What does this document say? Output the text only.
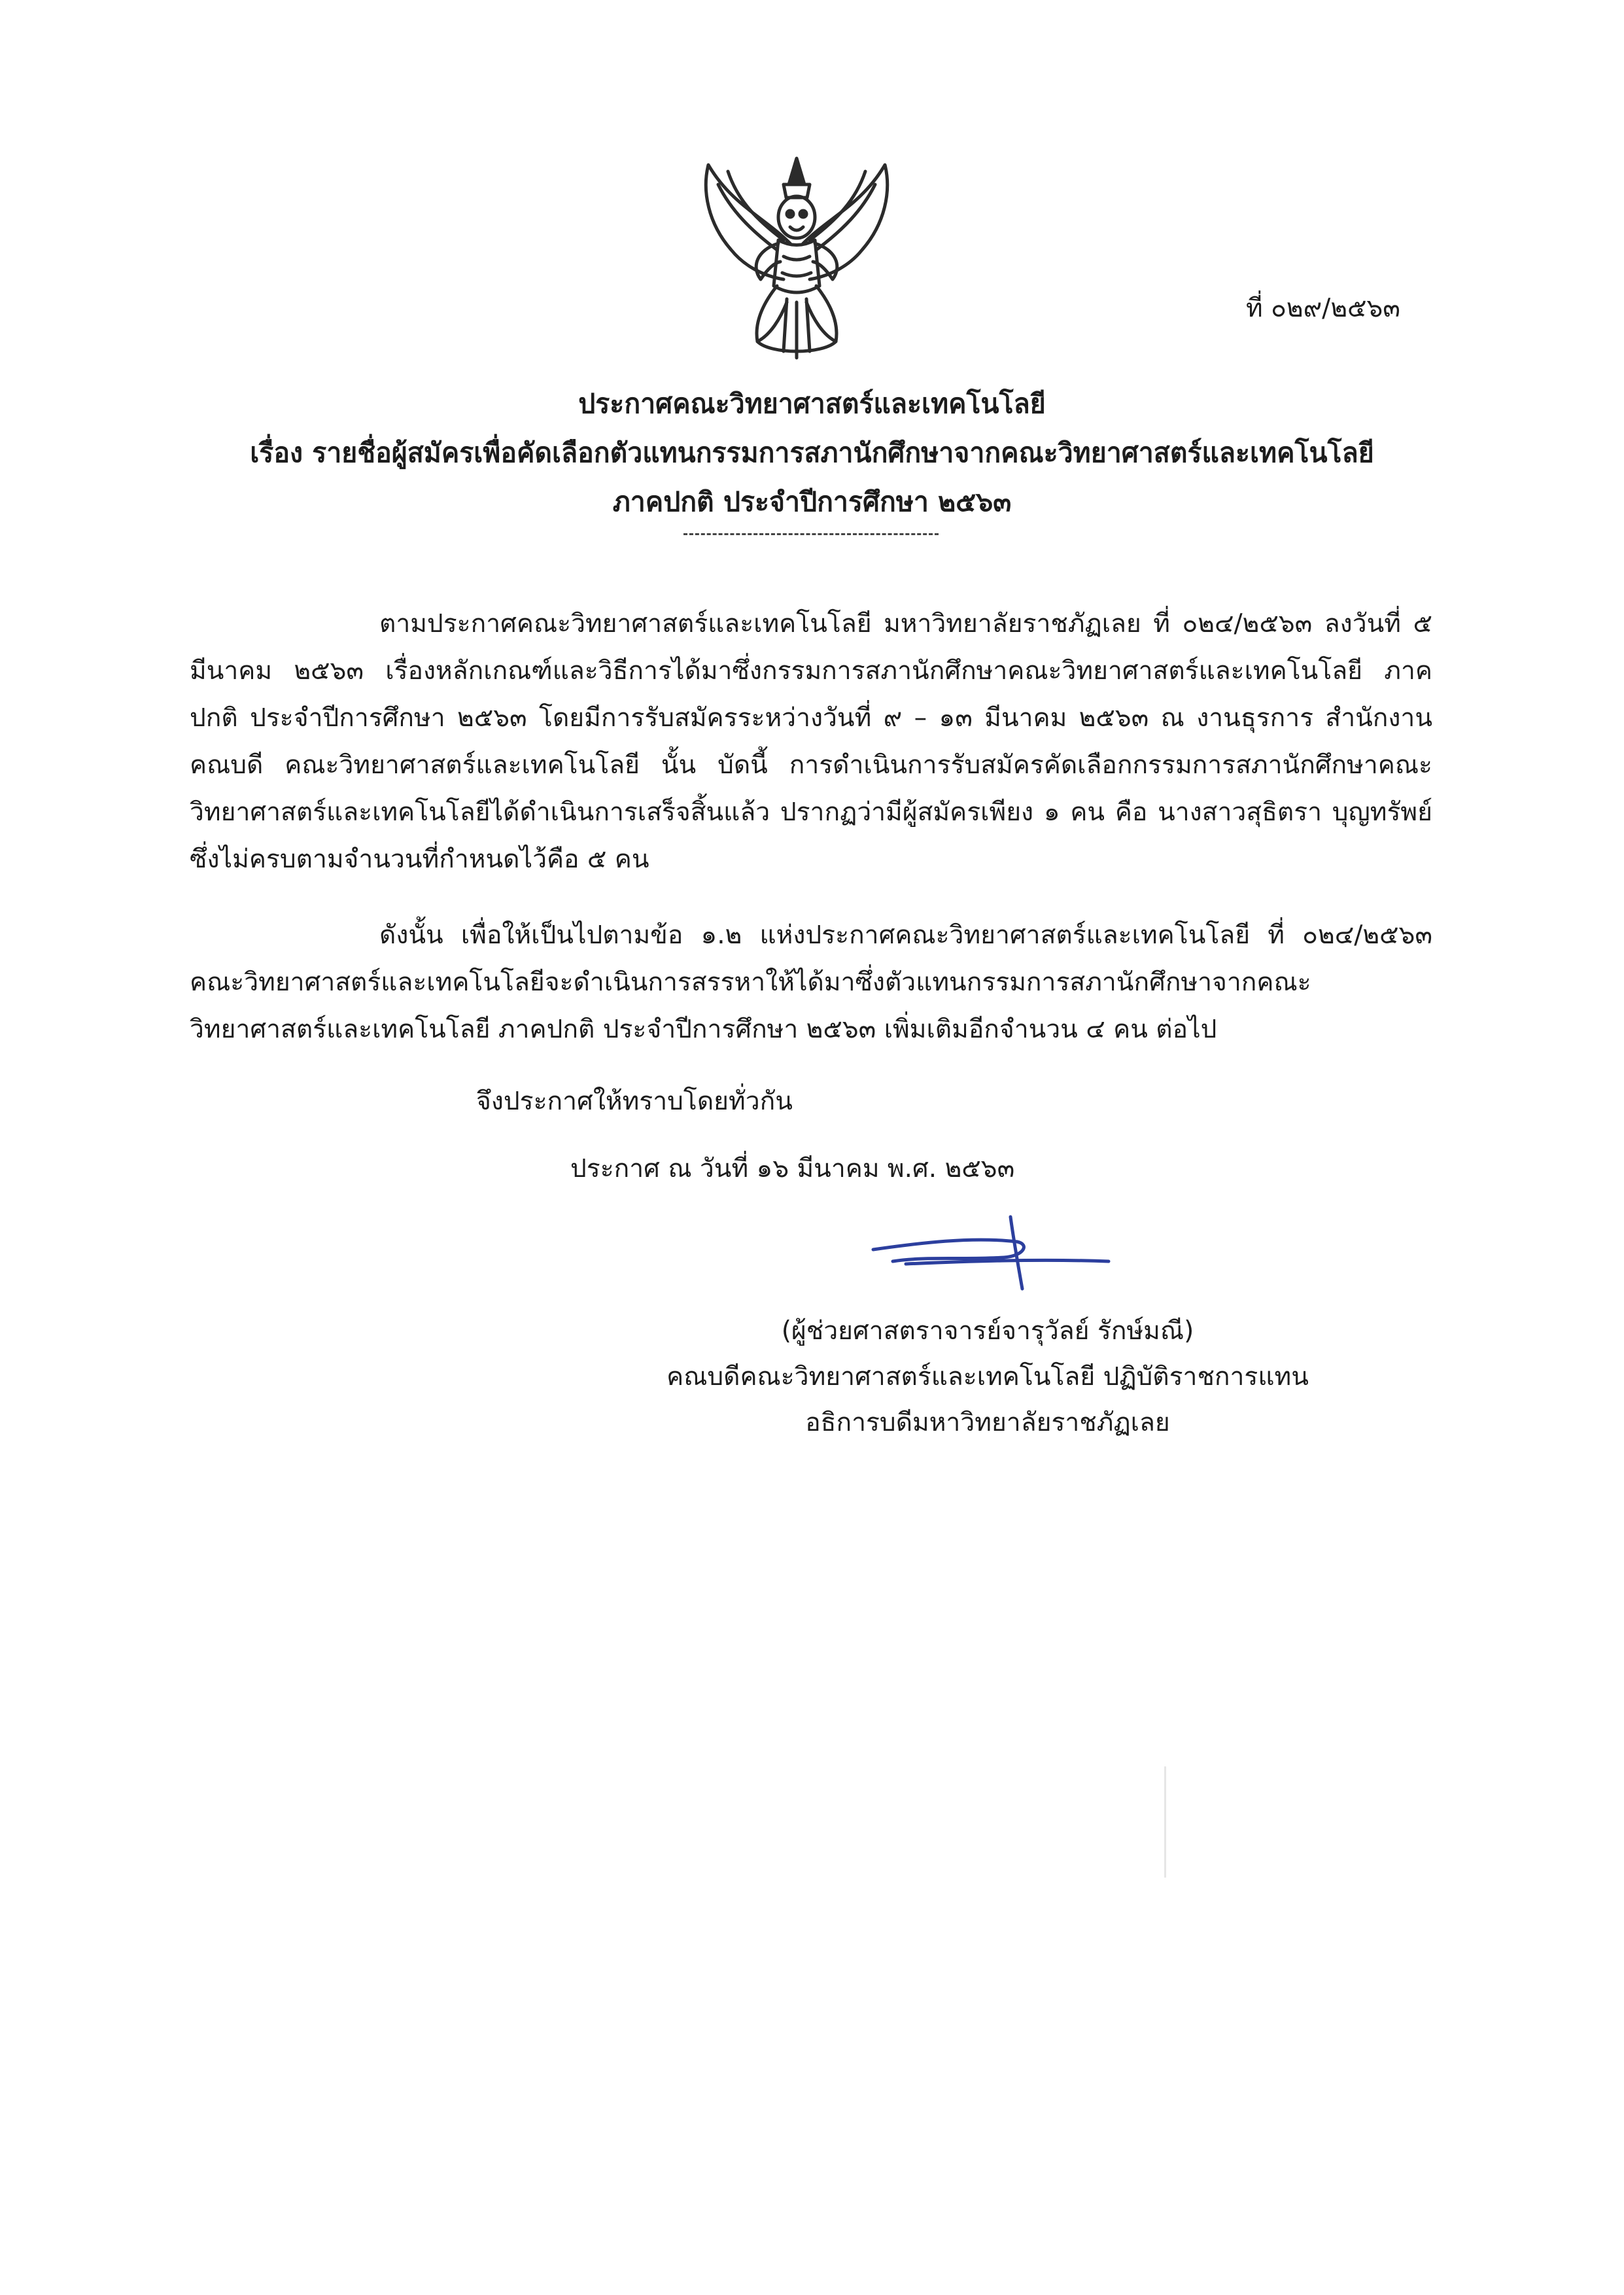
ที่ ๐๒๙/๒๕๖๓
ประกาศคณะวิทยาศาสตร์และเทคโนโลยี
เรื่อง รายชื่อผู้สมัครเพื่อคัดเลือกตัวแทนกรรมการสภานักศึกษาจากคณะวิทยาศาสตร์และเทคโนโลยี
ภาคปกติ ประจำปีการศึกษา ๒๕๖๓
ตามประกาศคณะวิทยาศาสตร์และเทคโนโลยี มหาวิทยาลัยราชภัฏเลย ที่ ๐๒๔/๒๕๖๓ ลงวันที่ ๕ มีนาคม ๒๕๖๓ เรื่องหลักเกณฑ์และวิธีการได้มาซึ่งกรรมการสภานักศึกษาคณะวิทยาศาสตร์และเทคโนโลยี ภาคปกติ ประจำปีการศึกษา ๒๕๖๓ โดยมีการรับสมัครระหว่างวันที่ ๙ – ๑๓ มีนาคม ๒๕๖๓ ณ งานธุรการ สำนักงานคณบดี คณะวิทยาศาสตร์และเทคโนโลยี นั้น บัดนี้ การดำเนินการรับสมัครคัดเลือกกรรมการสภานักศึกษาคณะวิทยาศาสตร์และเทคโนโลยีได้ดำเนินการเสร็จสิ้นแล้ว ปรากฏว่ามีผู้สมัครเพียง ๑ คน คือ นางสาวสุธิตรา บุญทรัพย์ ซึ่งไม่ครบตามจำนวนที่กำหนดไว้คือ ๕ คน
ดังนั้น เพื่อให้เป็นไปตามข้อ ๑.๒ แห่งประกาศคณะวิทยาศาสตร์และเทคโนโลยี ที่ ๐๒๔/๒๕๖๓ คณะวิทยาศาสตร์และเทคโนโลยีจะดำเนินการสรรหาให้ได้มาซึ่งตัวแทนกรรมการสภานักศึกษาจากคณะวิทยาศาสตร์และเทคโนโลยี ภาคปกติ ประจำปีการศึกษา ๒๕๖๓ เพิ่มเติมอีกจำนวน ๔ คน ต่อไป
จึงประกาศให้ทราบโดยทั่วกัน
ประกาศ ณ วันที่ ๑๖ มีนาคม พ.ศ. ๒๕๖๓
(ผู้ช่วยศาสตราจารย์จารุวัลย์ รักษ์มณี)
คณบดีคณะวิทยาศาสตร์และเทคโนโลยี ปฏิบัติราชการแทน
อธิการบดีมหาวิทยาลัยราชภัฏเลย
